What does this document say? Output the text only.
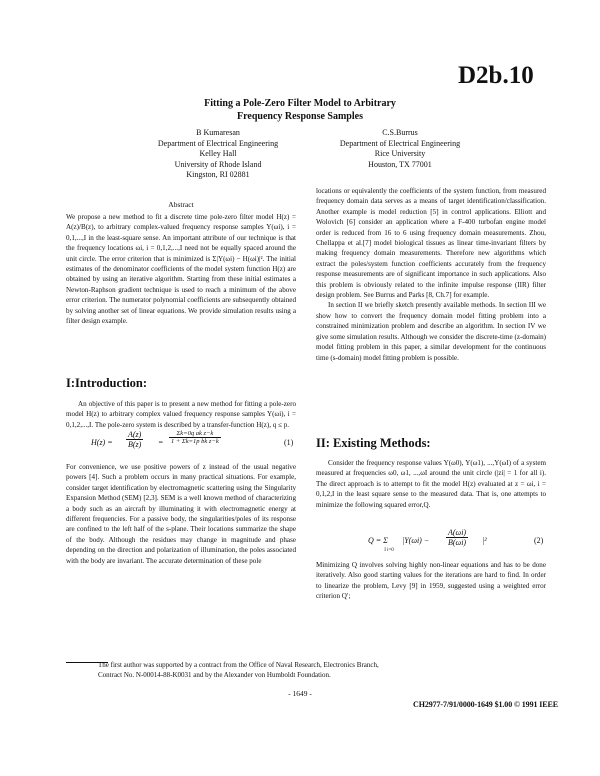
D2b.10
Fitting a Pole-Zero Filter Model to Arbitrary
Frequency Response Samples
B Kumaresan
Department of Electrical Engineering
Kelley Hall
University of Rhode Island
Kingston, RI 02881
C.S.Burrus
Department of Electrical Engineering
Rice University
Houston, TX 77001
Abstract

We propose a new method to fit a discrete time pole-zero filter model H(z) = A(z)/B(z), to arbitrary complex-valued frequency response samples Y(ωi), i = 0,1,...,I in the least-square sense. An important attribute of our technique is that the frequency locations ωi, i = 0,1,2,...,I need not be equally spaced around the unit circle. The error criterion that is minimized is Σ|Y(ωi) − H(ωi)|². The initial estimates of the denominator coefficients of the model system function H(z) are obtained by using an iterative algorithm. Starting from these initial estimates a Newton-Raphson gradient technique is used to reach a minimum of the above error criterion. The numerator polynomial coefficients are subsequently obtained by solving another set of linear equations. We provide simulation results using a filter design example.

I:Introduction:

An objective of this paper is to present a new method for fitting a pole-zero model H(z) to arbitrary complex valued frequency response samples Y(ωi), i = 0,1,2,...,I. The pole-zero system is described by a transfer-function H(z), q ≤ p.

$H(z) = \frac{A(z)}{B(z)} = \frac{\text{Σk=0q ak z−k}}{\text{1 + Σk=1p bk z−k}}$	(1)

For convenience, we use positive powers of z instead of the usual negative powers [4]. Such a problem occurs in many practical situations. For example, consider target identification by electromagnetic scattering using the Singularity Expansion Method (SEM) [2,3]. SEM is a well known method of characterizing a body such as an aircraft by illuminating it with electromagnetic energy at different frequencies. For a passive body, the singularities/poles of its response are confined to the left half of the s-plane. Their locations summarize the shape of the body. Although the residues may change in magnitude and phase depending on the direction and polarization of illumination, the poles associated with the body are invariant. The accurate determination of these pole

locations or equivalently the coefficients of the system function, from measured frequency domain data serves as a means of target identification/classification. Another example is model reduction [5] in control applications. Elliott and Wolovich [6] consider an application where a F-400 turbofan engine model order is reduced from 16 to 6 using frequency domain measurements. Zhou, Chellappa et al.[7] model biological tissues as linear time-invariant filters by making frequency domain measurements. Therefore new algorithms which extract the poles/system function coefficients accurately from the frequency response measurements are of significant importance in such applications. Also this problem is obviously related to the infinite impulse response (IIR) filter design problem. See Burrus and Parks [8, Ch.7] for example.

In section II we briefly sketch presently available methods. In section III we show how to convert the frequency domain model fitting problem into a constrained minimization problem and describe an algorithm. In section IV we give some simulation results. Although we consider the discrete-time (z-domain) model fitting problem in this paper, a similar development for the continuous time (s-domain) model fitting problem is possible.

II: Existing Methods:

Consider the frequency response values Y(ω0), Y(ω1), ...,Y(ωI) of a system measured at frequencies ω0, ω1, ...,ωI around the unit circle (|zi| = 1 for all i). The direct approach is to attempt to fit the model H(z) evaluated at z = ωi, i = 0,1,2,I in the least square sense to the measured data. That is, one attempts to minimize the following squared error,Q.

Q = Σ
I i=0
$|Y(\omega i) - \frac{A(\omega i)}{B(\omega i)} |^2$	(2)

Minimizing Q involves solving highly non-linear equations and has to be done iteratively. Also good starting values for the iterations are hard to find. In order to linearize the problem, Levy [9] in 1959, suggested using a weighted error criterion Q′;

The first author was supported by a contract from the Office of Naval Research, Electronics Branch,
Contract No. N-00014-88-K0031 and by the Alexander von Humboldt Foundation.
- 1649 -
CH2977-7/91/0000-1649 $1.00 © 1991 IEEE
